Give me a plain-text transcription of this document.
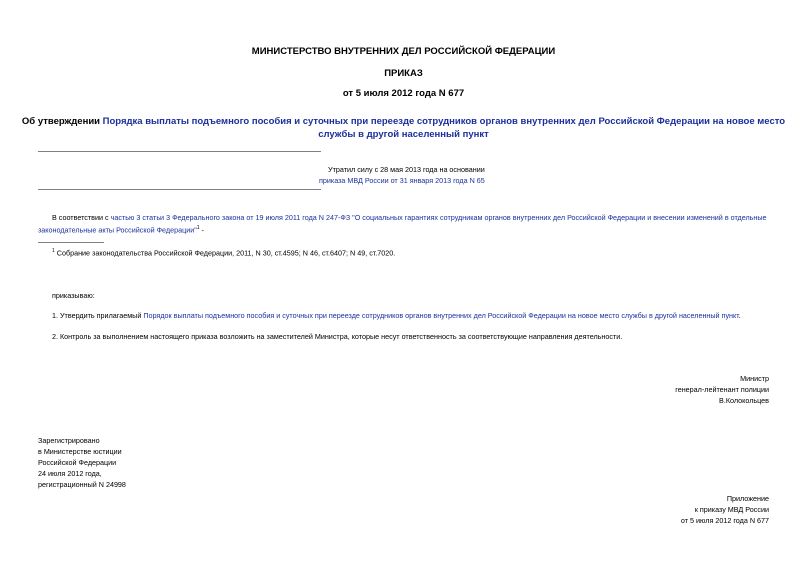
МИНИСТЕРСТВО ВНУТРЕННИХ ДЕЛ РОССИЙСКОЙ ФЕДЕРАЦИИ
ПРИКАЗ
от 5 июля 2012 года N 677
Об утверждении Порядка выплаты подъемного пособия и суточных при переезде сотрудников органов внутренних дел Российской Федерации на новое место
службы в другой населенный пункт
Утратил силу с 28 мая 2013 года на основании
приказа МВД России от 31 января 2013 года N 65
В соответствии с частью 3 статьи 3 Федерального закона от 19 июля 2011 года N 247-ФЗ "О социальных гарантиях сотрудникам органов внутренних дел Российской Федерации и внесении изменений в отдельные
законодательные акты Российской Федерации"$^1$ -
$^1$ Собрание законодательства Российской Федерации, 2011, N 30, ст.4595; N 46, ст.6407; N 49, ст.7020.
приказываю:
1. Утвердить прилагаемый Порядок выплаты подъемного пособия и суточных при переезде сотрудников органов внутренних дел Российской Федерации на новое место службы в другой населенный пункт.
2. Контроль за выполнением настоящего приказа возложить на заместителей Министра, которые несут ответственность за соответствующие направления деятельности.
Министр
генерал-лейтенант полиции
В.Колокольцев
Зарегистрировано
в Министерстве юстиции
Российской Федерации
24 июля 2012 года,
регистрационный N 24998
Приложение
к приказу МВД России
от 5 июля 2012 года N 677
